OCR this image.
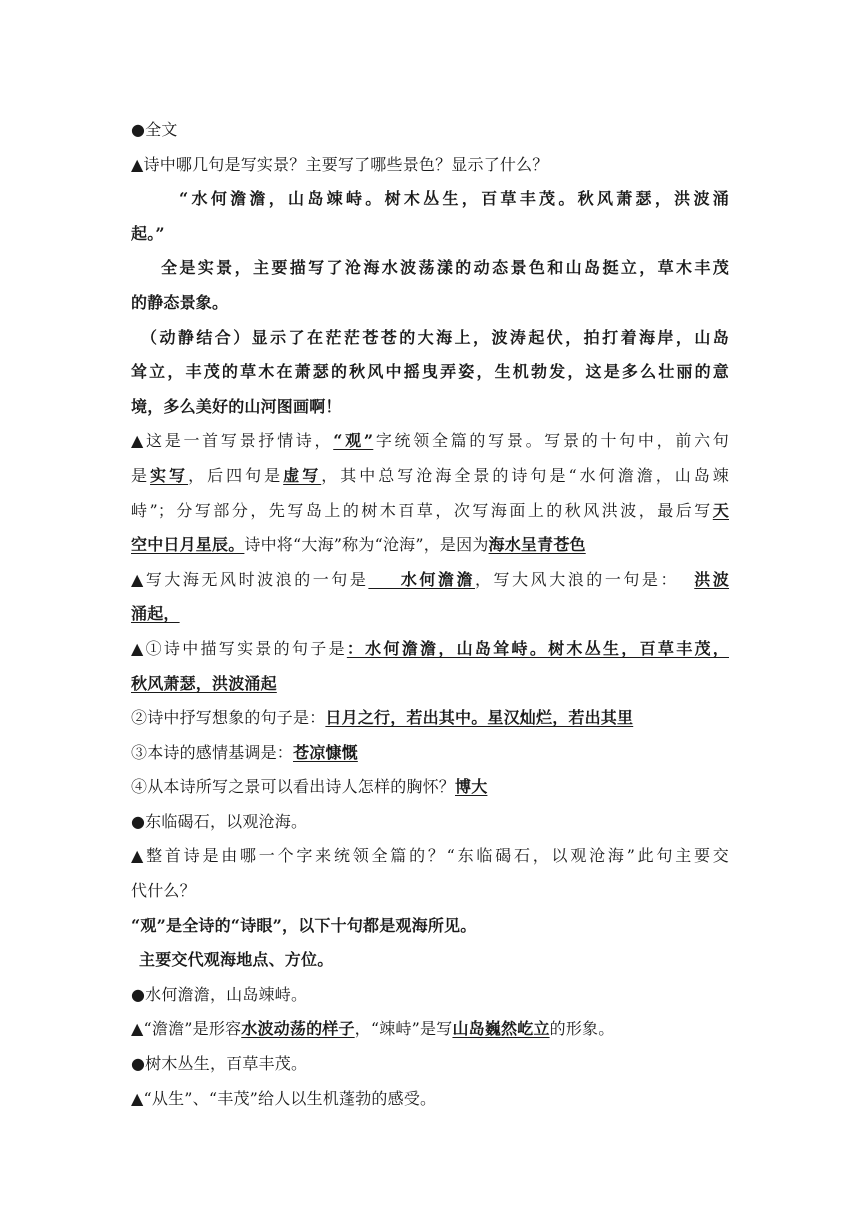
●全文
▲诗中哪几句是写实景？主要写了哪些景色？显示了什么？
“水何澹澹，山岛竦峙。树木丛生，百草丰茂。秋风萧瑟，洪波涌
起。”
全是实景，主要描写了沧海水波荡漾的动态景色和山岛挺立，草木丰茂
的静态景象。
（动静结合）显示了在茫茫苍苍的大海上，波涛起伏，拍打着海岸，山岛
耸立，丰茂的草木在萧瑟的秋风中摇曳弄姿，生机勃发，这是多么壮丽的意
境，多么美好的山河图画啊！
▲这是一首写景抒情诗，“观”字统领全篇的写景。写景的十句中，前六句
是实写，后四句是虚写，其中总写沧海全景的诗句是“水何澹澹，山岛竦
峙”；分写部分，先写岛上的树木百草，次写海面上的秋风洪波，最后写天
空中日月星辰。诗中将“大海”称为“沧海”，是因为海水呈青苍色
▲写大海无风时波浪的一句是    水何澹澹，写大风大浪的一句是：  洪波
涌起，
▲①诗中描写实景的句子是：水何澹澹，山岛耸峙。树木丛生，百草丰茂，
秋风萧瑟，洪波涌起
②诗中抒写想象的句子是：日月之行，若出其中。星汉灿烂，若出其里
③本诗的感情基调是：苍凉慷慨
④从本诗所写之景可以看出诗人怎样的胸怀？博大
●东临碣石，以观沧海。
▲整首诗是由哪一个字来统领全篇的？“东临碣石，以观沧海”此句主要交
代什么？
“观”是全诗的“诗眼”，以下十句都是观海所见。
主要交代观海地点、方位。
●水何澹澹，山岛竦峙。
▲“澹澹”是形容水波动荡的样子，“竦峙”是写山岛巍然屹立的形象。
●树木丛生，百草丰茂。
▲“从生”、“丰茂”给人以生机蓬勃的感受。
